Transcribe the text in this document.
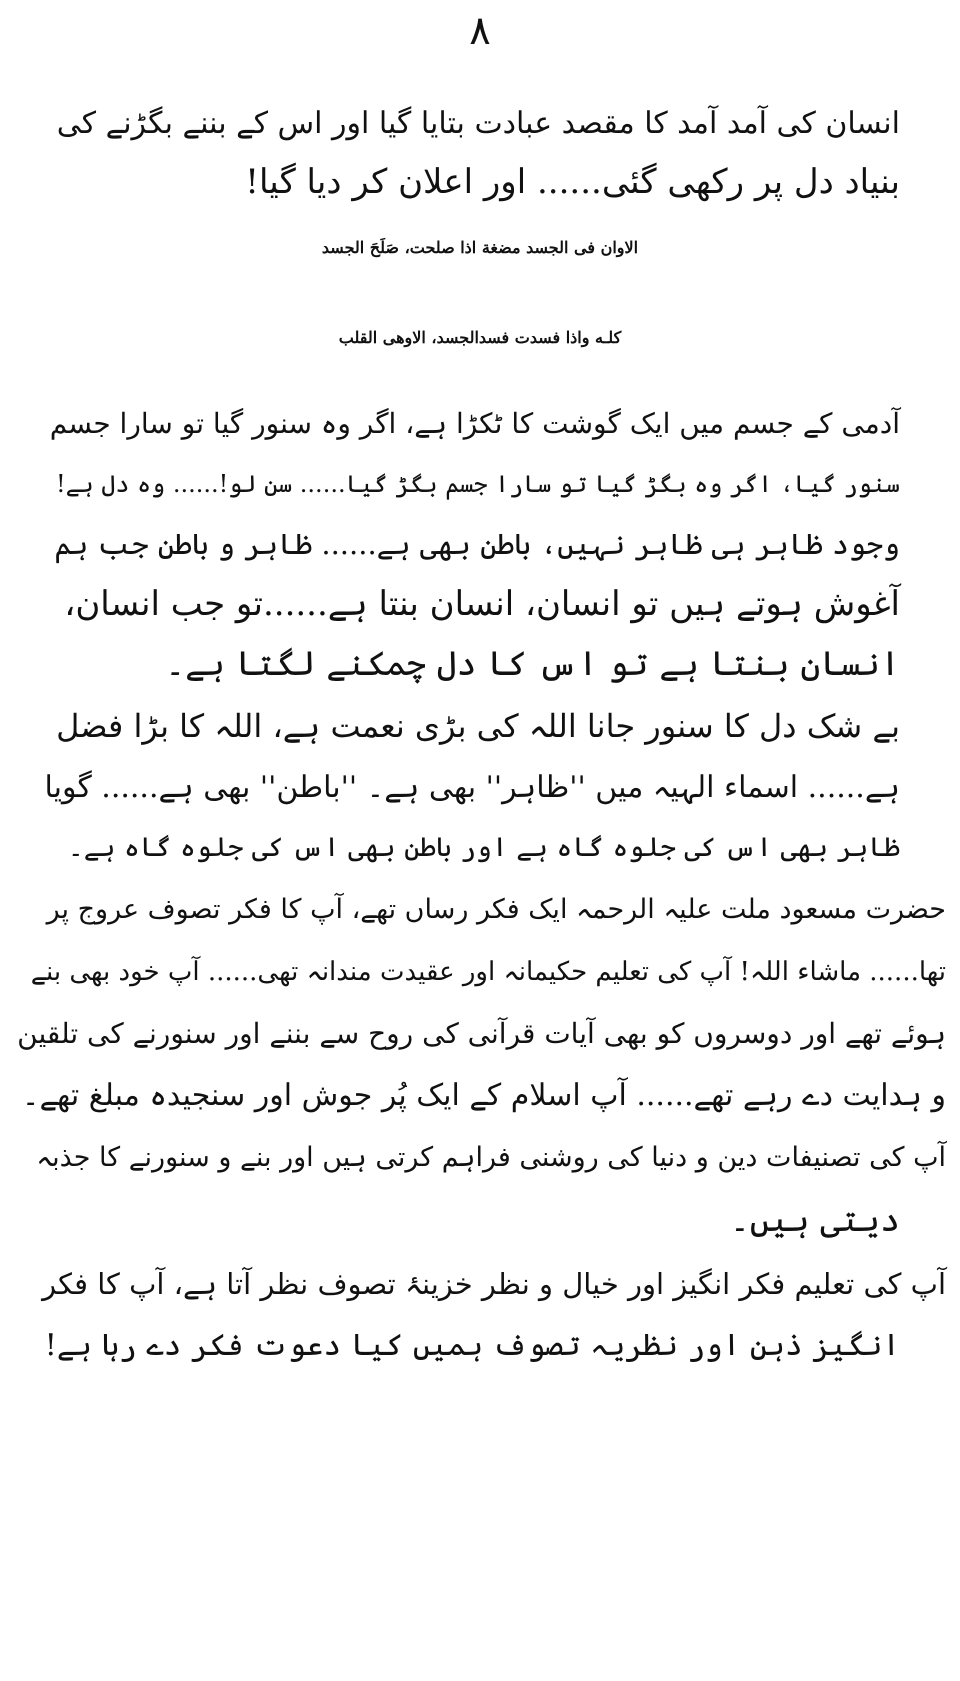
۸
انسان کی آمد آمد کا مقصد عبادت بتایا گیا اور اس کے بننے بگڑنے کی
بنیاد دل پر رکھی گئی...... اور اعلان کر دیا گیا!
الاوان فی الجسد مضغة اذا صلحت، صَلَحَ الجسد
کلـه واذا فسدت فسدالجسد، الاوهی القلب
آدمی کے جسم میں ایک گوشت کا ٹکڑا ہے، اگر وہ سنور گیا تو سارا جسم
سنور گیا، اگر وہ بگڑ گیا تو سارا جسم بگڑ گیا...... سن لو!...... وہ دل ہے!
وجود ظاہر ہی ظاہر نہیں، باطن بھی ہے...... ظاہر و باطن جب ہم
آغوش ہوتے ہیں تو انسان، انسان بنتا ہے......تو جب انسان،
انسان بنتا ہے تو اس کا دل چمکنے لگتا ہے۔
بے شک دل کا سنور جانا اللہ کی بڑی نعمت ہے، اللہ کا بڑا فضل
ہے...... اسماء الہیہ میں ''ظاہر'' بھی ہے۔ ''باطن'' بھی ہے...... گویا
ظاہر بھی اس کی جلوہ گاہ ہے اور باطن بھی اس کی جلوہ گاہ ہے۔
حضرت مسعود ملت علیہ الرحمہ ایک فکر رساں تھے، آپ کا فکر تصوف عروج پر
تھا...... ماشاء اللہ! آپ کی تعلیم حکیمانہ اور عقیدت مندانہ تھی...... آپ خود بھی بنے
ہوئے تھے اور دوسروں کو بھی آیات قرآنی کی روح سے بننے اور سنورنے کی تلقین
و ہدایت دے رہے تھے...... آپ اسلام کے ایک پُر جوش اور سنجیدہ مبلغ تھے۔
آپ کی تصنیفات دین و دنیا کی روشنی فراہم کرتی ہیں اور بنے و سنورنے کا جذبہ
دیتی ہیں۔
آپ کی تعلیم فکر انگیز اور خیال و نظر خزینۂ تصوف نظر آتا ہے، آپ کا فکر
انگیز ذہن اور نظریہ تصوف ہمیں کیا دعوت فکر دے رہا ہے!
